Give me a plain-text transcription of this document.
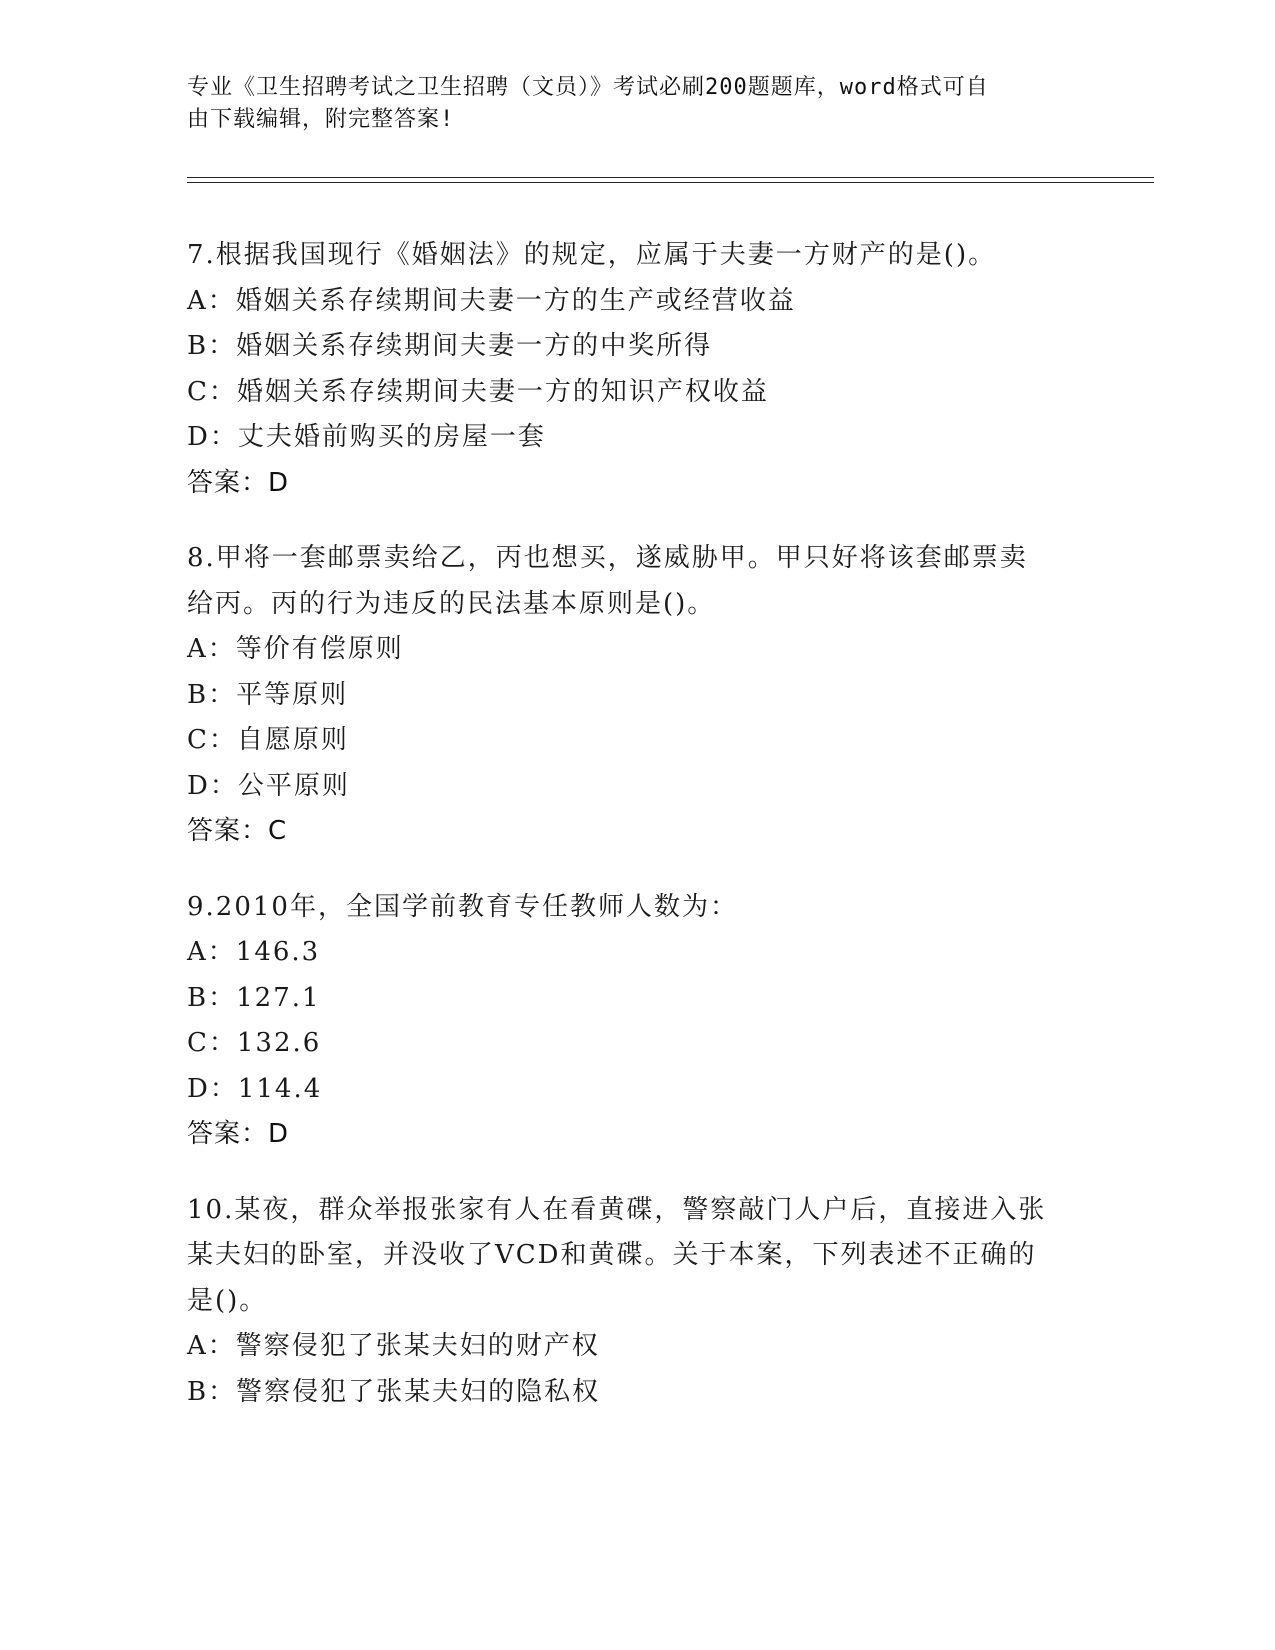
专业《卫生招聘考试之卫生招聘（文员）》考试必刷200题题库，word格式可自
由下载编辑，附完整答案!
7.根据我国现行《婚姻法》的规定，应属于夫妻一方财产的是()。
A：婚姻关系存续期间夫妻一方的生产或经营收益
B：婚姻关系存续期间夫妻一方的中奖所得
C：婚姻关系存续期间夫妻一方的知识产权收益
D：丈夫婚前购买的房屋一套
答案：D
8.甲将一套邮票卖给乙，丙也想买，遂威胁甲。甲只好将该套邮票卖
给丙。丙的行为违反的民法基本原则是()。
A：等价有偿原则
B：平等原则
C：自愿原则
D：公平原则
答案：C
9.2010年，全国学前教育专任教师人数为：
A：146.3
B：127.1
C：132.6
D：114.4
答案：D
10.某夜，群众举报张家有人在看黄碟，警察敲门人户后，直接进入张
某夫妇的卧室，并没收了VCD和黄碟。关于本案，下列表述不正确的
是()。
A：警察侵犯了张某夫妇的财产权
B：警察侵犯了张某夫妇的隐私权
